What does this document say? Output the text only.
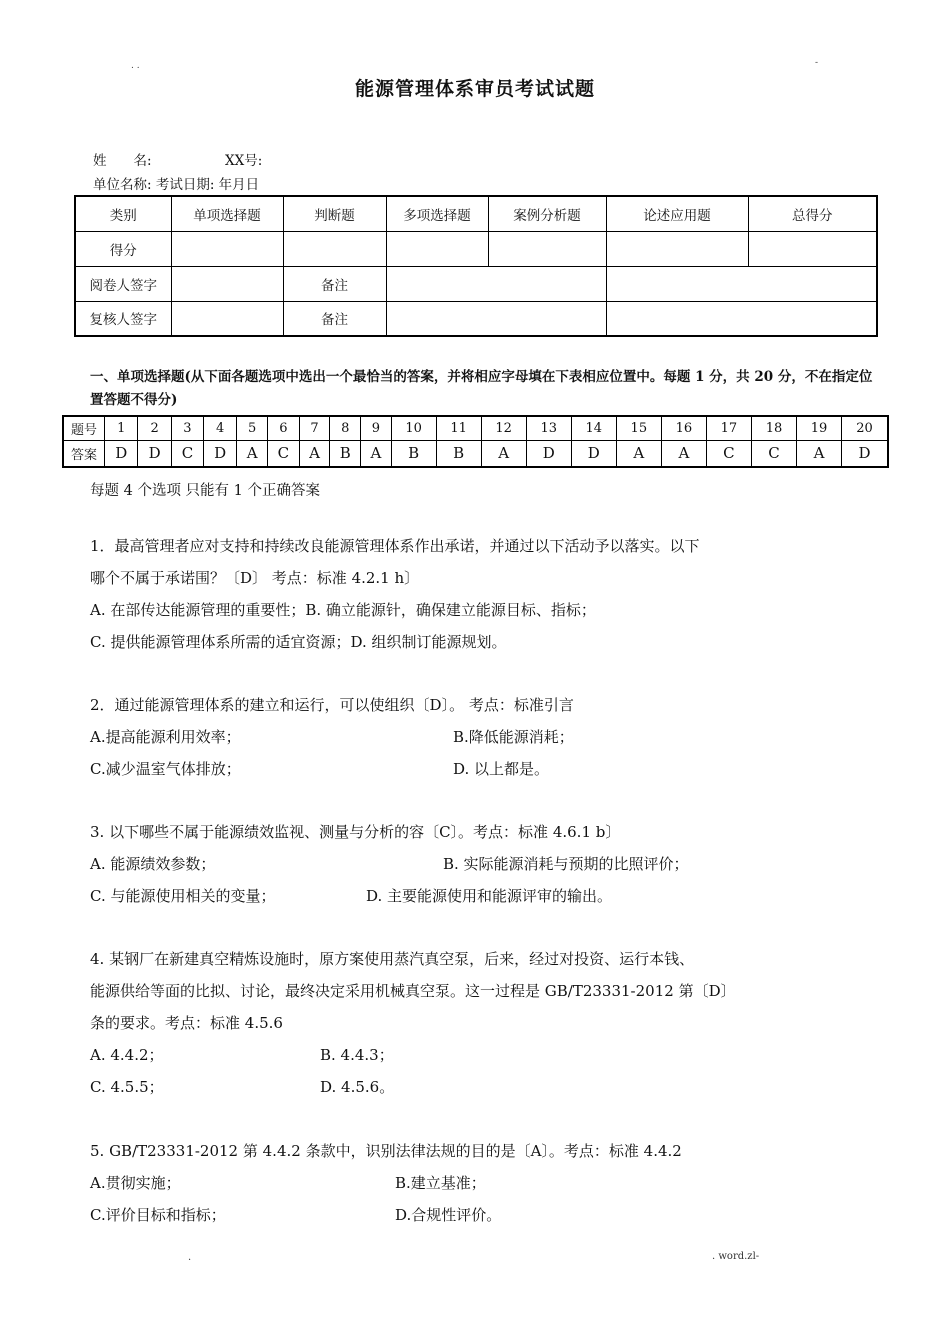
. .	-
能源管理体系审员考试试题
姓　　名:	XX号:
单位名称: 考试日期: 年月日
类别	单项选择题	判断题	多项选择题	案例分析题	论述应用题	总得分
得分						
阅卷人签字		备注				
复核人签字		备注				
一、单项选择题(从下面各题选项中选出一个最恰当的答案，并将相应字母填在下表相应位置中。每题 1 分，共 20 分，不在指定位置答题不得分)
题号	1	2	3	4	5	6	7	8	9	10	11	12	13	14	15	16	17	18	19	20
答案	D	D	C	D	A	C	A	B	A	B	B	A	D	D	A	A	C	C	A	D
每题 4 个选项 只能有 1 个正确答案
1．最高管理者应对支持和持续改良能源管理体系作出承诺，并通过以下活动予以落实。以下
哪个不属于承诺围？〔D〕 考点：标准 4.2.1 h〕
A. 在部传达能源管理的重要性；B. 确立能源针，确保建立能源目标、指标；
C. 提供能源管理体系所需的适宜资源；D. 组织制订能源规划。
2．通过能源管理体系的建立和运行，可以使组织〔D〕。 考点：标准引言
A.提高能源利用效率；	B.降低能源消耗；
C.减少温室气体排放；	D. 以上都是。
3. 以下哪些不属于能源绩效监视、测量与分析的容〔C〕。考点：标准 4.6.1 b〕
A. 能源绩效参数；	B. 实际能源消耗与预期的比照评价；
C. 与能源使用相关的变量；	D. 主要能源使用和能源评审的输出。
4. 某钢厂在新建真空精炼设施时，原方案使用蒸汽真空泵，后来，经过对投资、运行本钱、
能源供给等面的比拟、讨论，最终决定采用机械真空泵。这一过程是 GB/T23331-2012 第〔D〕
条的要求。考点：标准 4.5.6
A. 4.4.2；	B. 4.4.3；
C. 4.5.5；	D. 4.5.6。
5. GB/T23331-2012 第 4.4.2 条款中，识别法律法规的目的是〔A〕。考点：标准 4.4.2
A.贯彻实施；	B.建立基准；
C.评价目标和指标；	D.合规性评价。
.	. word.zl-
